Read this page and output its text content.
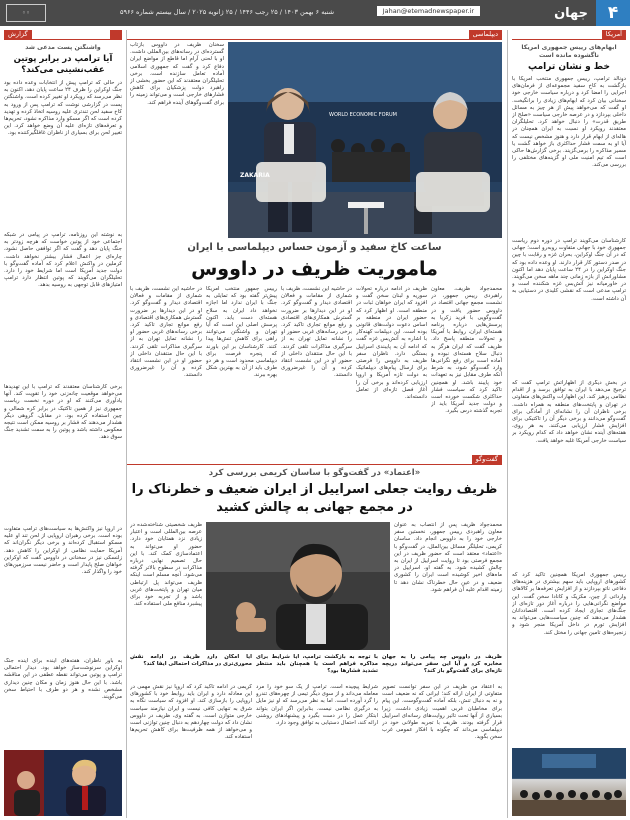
۴
جهان
Jahan@etemadnewspaper.ir
شنبه ۶ بهمن ۱۴۰۳ / ۲۵ رجب ۱۴۴۶ / ۲۵ ژانویه ۲۰۲۵ / سال بیستم شماره ۵۹۶۶
◦◦
آمریکا
ابهام‌های رییس جمهوری آمریکا ناگشوده مانده است
خط و نشان ترامپ
دونالد ترامپ، رییس جمهوری منتخب آمریکا با بازگشت به کاخ سفید مجموعه‌ای از فرمان‌های اجرایی را امضا کرد و درباره سیاست خارجی خود سخنانی بیان کرد که ابهام‌های زیادی را برانگیخت. او گفت که می‌خواهد پیش از هر چیز به مسائل داخلی بپردازد و در عرصه خارجی سیاست «صلح از طریق قدرت» را دنبال خواهد کرد. تحلیلگران معتقدند رویکرد او نسبت به ایران همچنان در هاله‌ای از ابهام قرار دارد و هنوز مشخص نیست که آیا او به سمت فشار حداکثری باز خواهد گشت یا مسیر مذاکره را برمی‌گزیند. برخی گزارش‌ها حاکی است که تیم امنیت ملی او گزینه‌های مختلفی را بررسی می‌کند.
کارشناسان می‌گویند ترامپ در دوره دوم ریاست جمهوری خود با جهانی متفاوت روبه‌رو است؛ جهانی که در آن جنگ اوکراین، بحران غزه و رقابت با چین در صدر دستور کار قرار دارند. او وعده داده بود که جنگ اوکراین را در ۲۴ ساعت پایان دهد اما اکنون مشاورانش از بازه زمانی چند ماهه سخن می‌گویند. در خاورمیانه نیز آتش‌بس غزه شکننده است و ترامپ مدعی است که نقشی کلیدی در دستیابی به آن داشته است.
در بخش دیگری از اظهاراتش ترامپ گفت که ترجیح می‌دهد با ایران به توافق برسد و از اقدام نظامی پرهیز کند. این اظهارات واکنش‌های متفاوتی در تهران و پایتخت‌های منطقه به همراه داشت. برخی ناظران آن را نشانه‌ای از آمادگی برای گفت‌وگو می‌دانند و برخی دیگر آن را تاکتیکی برای افزایش فشار ارزیابی می‌کنند. به هر روی، هفته‌های آینده نشان خواهد داد که کدام رویکرد بر سیاست خارجی آمریکا غلبه خواهد یافت.
رییس جمهوری آمریکا همچنین تاکید کرد که کشورهای اروپایی باید سهم بیشتری در هزینه‌های دفاعی ناتو بپردازند و از افزایش تعرفه‌ها بر کالاهای وارداتی از چین، مکزیک و کانادا سخن گفت. این مواضع نگرانی‌هایی را درباره آغاز دور تازه‌ای از جنگ‌های تجاری ایجاد کرده است. اقتصاددانان هشدار می‌دهند که چنین سیاست‌هایی می‌تواند به افزایش تورم در داخل آمریکا منجر شود و زنجیره‌های تامین جهانی را مختل کند.
دیپلماسی
ZAKARIA
WORLD ECONOMIC FORUM
سخنان ظریف در داووس بازتاب گسترده‌ای در رسانه‌های بین‌المللی داشت. او با لحنی آرام اما قاطع از مواضع ایران دفاع کرد و گفت که جمهوری اسلامی آماده تعامل سازنده است. برخی تحلیلگران معتقدند که این حضور بخشی از راهبرد دولت پزشکیان برای کاهش فشارهای خارجی است و می‌تواند زمینه را برای گفت‌وگوهای آینده فراهم کند.
ساعت کاخ سفید و آزمون حساس دیپلماسی با ایران
ماموریت ظریف در داووس
محمدجواد ظریف، معاون راهبردی رییس جمهور، در نشست مجمع جهانی اقتصاد در داووس حضور یافت و در گفت‌وگویی با فرید زکریا به پرسش‌هایی درباره برنامه هسته‌ای ایران، روابط با آمریکا و تحولات منطقه پاسخ داد. ظریف گفت که ایران هرگز به دنبال سلاح هسته‌ای نبوده و آماده است برای رفع نگرانی‌ها وارد گفت‌وگو شود، به شرط آنکه طرف مقابل نیز به تعهدات خود پایبند باشد. او همچنین تاکید کرد که سیاست فشار حداکثری شکست خورده است و دولت جدید آمریکا باید از تجربه گذشته درس بگیرد.
ظریف در ادامه درباره تحولات سوریه و لبنان سخن گفت و افزود که ایران خواهان ثبات در منطقه است. او اظهار کرد که حضور ایران در منطقه بر اساس دعوت دولت‌های قانونی بوده است. این دیپلمات کهنه‌کار با اشاره به آتش‌بس غزه گفت که ادامه آن به پایبندی اسراییل بستگی دارد. ناظران سفر ظریف به داووس را فرصتی برای ارسال پیام‌های دیپلماتیک به دولت تازه آمریکا و اروپا ارزیابی کرده‌اند و برخی آن را آغاز فصل تازه‌ای از تعامل دانسته‌اند.
در حاشیه این نشست، ظریف با شماری از مقامات و فعالان اقتصادی دیدار و گفت‌وگو کرد. او در این دیدارها بر ضرورت گسترش همکاری‌های اقتصادی و رفع موانع تجاری تاکید کرد. برخی رسانه‌های غربی حضور او را نشانه تمایل تهران به از سرگیری مذاکرات تلقی کردند. با این حال منتقدان داخلی از حضور او در این نشست انتقاد کرده و آن را غیرضروری دانستند.
رییس جمهور منتخب آمریکا پیش‌تر گفته بود که تمایلی به جنگ با ایران ندارد اما اجازه نخواهد داد ایران به سلاح هسته‌ای دست یابد. اکنون پرسش اصلی این است که آیا تهران و واشنگتن می‌توانند راهی برای کاهش تنش‌ها پیدا کنند. کارشناسان بر این باورند که پنجره فرصت برای دیپلماسی محدود است و هر دو طرف باید از آن به بهترین شکل بهره ببرند.
در حاشیه این نشست، ظریف با شماری از مقامات و فعالان اقتصادی دیدار و گفت‌وگو کرد. او در این دیدارها بر ضرورت گسترش همکاری‌های اقتصادی و رفع موانع تجاری تاکید کرد. برخی رسانه‌های غربی حضور او را نشانه تمایل تهران به از سرگیری مذاکرات تلقی کردند. با این حال منتقدان داخلی از حضور او در این نشست انتقاد کرده و آن را غیرضروری دانستند.
گفت‌وگو
«اعتماد» در گفت‌وگو با ساسان کریمی بررسی کرد
ظریف روایت جعلی اسراییل از ایران ضعیف و خطرناک را
در مجمع جهانی به چالش کشید
محمدجواد ظریف پس از انتصاب به عنوان معاون راهبردی رییس جمهور، نخستین سفر خارجی خود را به داووس انجام داد. ساسان کریمی، تحلیلگر مسائل بین‌الملل، در گفت‌وگو با «اعتماد» معتقد است که حضور ظریف در این مجمع فرصتی بود تا روایت اسراییل از ایران به چالش کشیده شود. به گفته او، اسراییل در ماه‌های اخیر کوشیده است ایران را کشوری ضعیف و در عین حال خطرناک نشان دهد تا زمینه اقدام علیه آن فراهم شود.
ظریف شخصیتی شناخته‌شده در عرصه بین‌المللی است و اعتبار زیادی نزد همتایان خود دارد. حضور او می‌تواند به اعتمادسازی کمک کند. با این حال تصمیم نهایی درباره مذاکرات در سطوح بالاتر گرفته می‌شود. آنچه مسلم است اینکه ظریف می‌تواند پل ارتباطی میان تهران و پایتخت‌های غربی باشد و از تجربه خود برای پیشبرد منافع ملی استفاده کند.
ظریف در داووس چه پیامی را به جهان مخابره کرد و آیا این سفر می‌تواند دریچه تازه‌ای برای گفت‌وگو باز کند؟
به اعتقاد من ظریف در این سفر توانست تصویر متفاوتی از ایران ارائه کند؛ ایرانی که نه ضعیف است و نه به دنبال تنش، بلکه آماده گفت‌وگوست. این پیام برای مخاطبان غربی اهمیت زیادی داشت، زیرا بسیاری از آنها تحت تاثیر روایت‌های رسانه‌ای اسراییل قرار گرفته بودند. ظریف با تجربه طولانی خود در دیپلماسی می‌داند که چگونه با افکار عمومی غرب سخن بگوید.
با توجه به بازگشت ترامپ، آیا شرایط برای مذاکره فراهم است یا همچنان باید منتظر تشدید فشارها بود؟
شرایط پیچیده است. ترامپ از یک سو خود را مرد معامله می‌داند و از سوی دیگر تیمی از چهره‌های تندرو را گرد آورده است. اما به نظر می‌رسد که او نیز مایل به درگیری نظامی نیست. بنابراین اگر ایران بتواند ابتکار عمل را در دست بگیرد و پیشنهادهای روشنی ارائه کند، احتمال دستیابی به توافق وجود دارد.
آیا امکان دارد ظریف در ادامه نقش محوری‌تری در مذاکرات احتمالی ایفا کند؟
کریمی در ادامه تاکید کرد که اروپا نیز نقش مهمی در این معادله دارد و ایران باید روابط خود با کشورهای اروپایی را بازسازی کند. او افزود که سیاست نگاه به شرق به تنهایی کافی نیست و ایران نیازمند سیاست خارجی متوازن است. به گفته وی، ظریف در داووس نشان داد که دولت چهاردهم به دنبال چنین توازنی است و می‌خواهد از همه ظرفیت‌ها برای کاهش تحریم‌ها استفاده کند.
گزارش
واشنگتن پست مدعی شد
آیا ترامپ در برابر پوتین عقب‌نشینی می‌کند؟
در حالی که ترامپ پیش از انتخابات وعده داده بود جنگ اوکراین را ظرف ۲۴ ساعت پایان دهد، اکنون به نظر می‌رسد که رویکرد او تغییر کرده است. واشنگتن پست در گزارشی نوشت که ترامپ پس از ورود به کاخ سفید لحن تندتری علیه روسیه اتخاذ کرده و تهدید کرده است که اگر مسکو وارد مذاکره نشود، تحریم‌ها و تعرفه‌های تازه‌ای علیه آن وضع خواهد کرد. این تغییر لحن برای بسیاری از ناظران غافلگیرکننده بود.
به نوشته این روزنامه، ترامپ در پیامی در شبکه اجتماعی خود از پوتین خواست که هرچه زودتر به جنگ پایان دهد و گفت که اگر توافقی حاصل نشود، چاره‌ای جز اعمال فشار بیشتر نخواهد داشت. کرملین در واکنش اعلام کرد که آماده گفت‌وگو با دولت جدید آمریکا است اما شرایط خود را دارد. تحلیلگران می‌گویند که پوتین انتظار دارد ترامپ امتیازهای قابل توجهی به روسیه بدهد.
برخی کارشناسان معتقدند که ترامپ با این تهدیدها می‌خواهد موقعیت چانه‌زنی خود را تقویت کند. آنها یادآوری می‌کنند که او در دوره نخست ریاست جمهوری نیز از همین تاکتیک در برابر کره شمالی و چین استفاده کرده بود. در مقابل، گروهی دیگر هشدار می‌دهند که فشار بر روسیه ممکن است نتیجه معکوس داشته باشد و پوتین را به سمت تشدید جنگ سوق دهد.
در اروپا نیز واکنش‌ها به سیاست‌های ترامپ متفاوت بوده است. برخی رهبران اروپایی از لحن تند او علیه مسکو استقبال کرده‌اند و برخی دیگر نگران‌اند که آمریکا حمایت نظامی از اوکراین را کاهش دهد. زلنسکی نیز در سخنانی در داووس گفت که اوکراین خواهان صلح پایدار است و حاضر نیست سرزمین‌های خود را واگذار کند.
به باور ناظران، هفته‌های آینده برای آینده جنگ اوکراین سرنوشت‌ساز خواهد بود. دیدار احتمالی ترامپ و پوتین می‌تواند نقطه عطفی در این مناقشه باشد. با این حال هنوز زمان و مکان چنین دیداری مشخص نشده و هر دو طرف با احتیاط سخن می‌گویند.
